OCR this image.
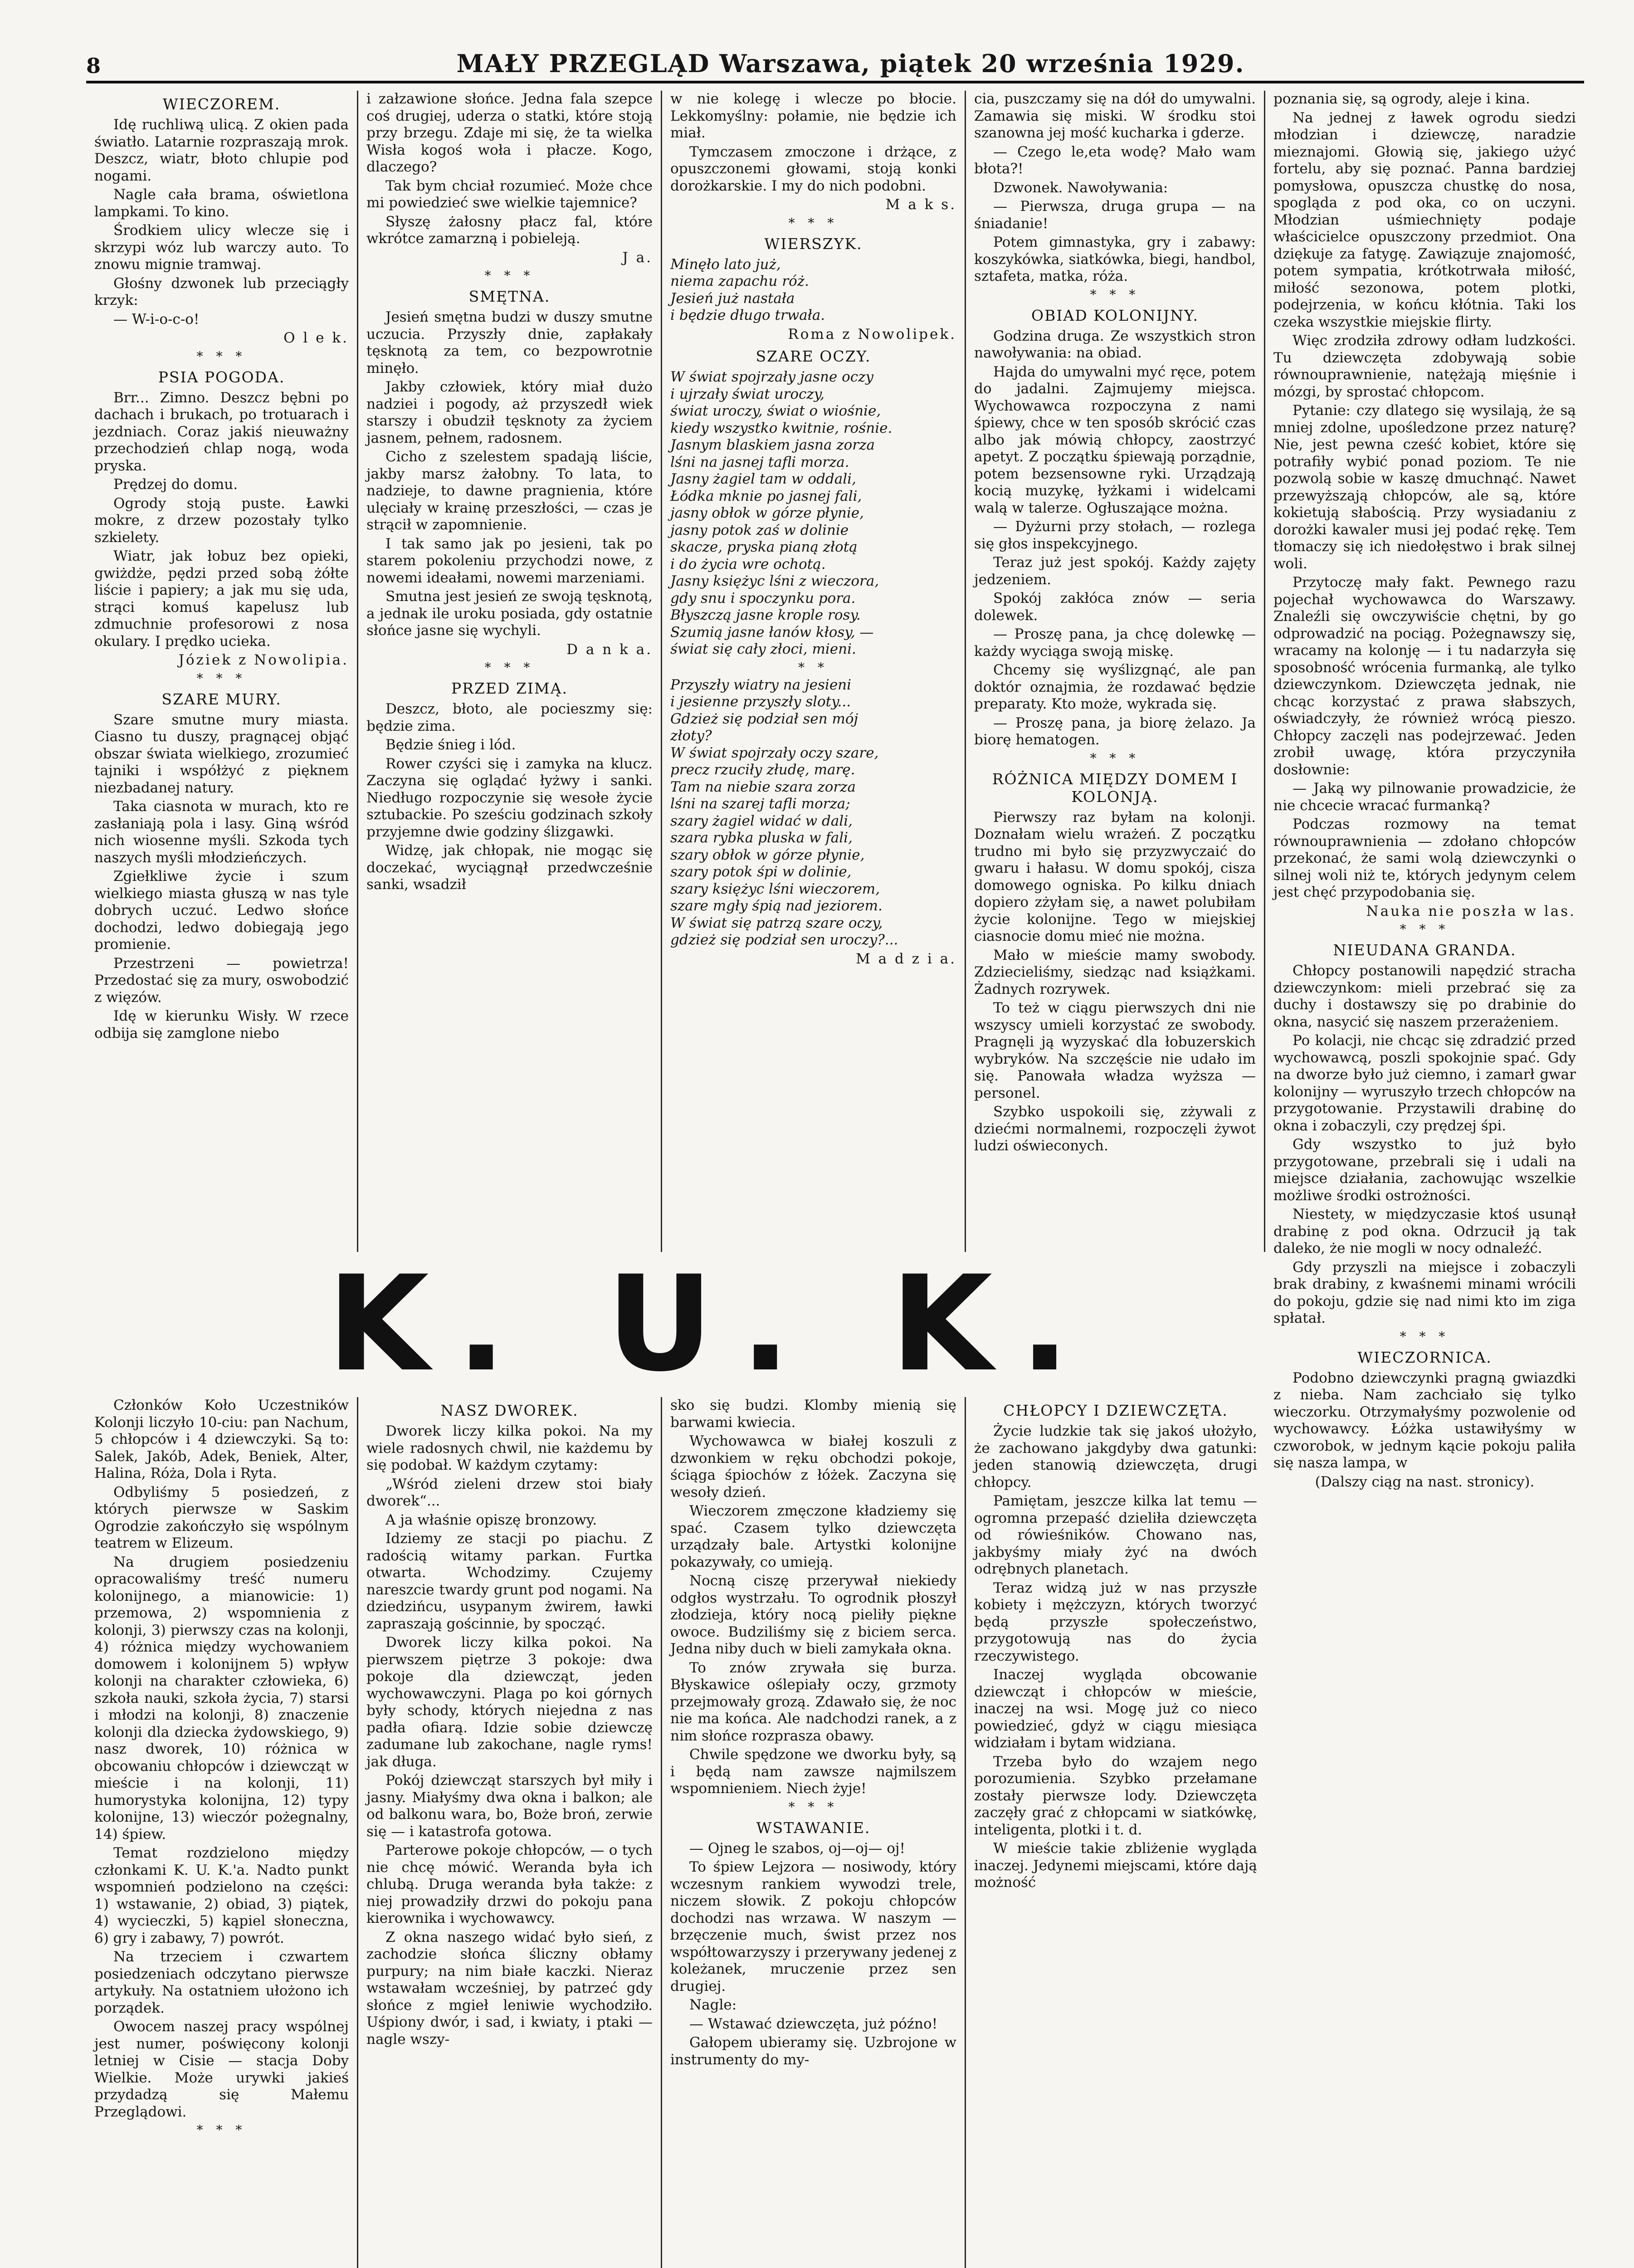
8	MAŁY PRZEGLĄD Warszawa, piątek 20 września 1929.
WIECZOREM.

Idę ruchliwą ulicą. Z okien pada światło. Latarnie rozpraszają mrok. Deszcz, wiatr, błoto chlupie pod nogami.

Nagle cała brama, oświetlona lampkami. To kino.

Środkiem ulicy wlecze się i skrzypi wóz lub warczy auto. To znowu mignie tramwaj.

Głośny dzwonek lub przeciągły krzyk:

— W-i-o-c-o!

O l e k.

* * *
PSIA POGODA.

Brr... Zimno. Deszcz bębni po dachach i brukach, po trotuarach i jezdniach. Coraz jakiś nieuważny przechodzień chlap nogą, woda pryska.

Prędzej do domu.

Ogrody stoją puste. Ławki mokre, z drzew pozostały tylko szkielety.

Wiatr, jak łobuz bez opieki, gwiżdże, pędzi przed sobą żółte liście i papiery; a jak mu się uda, strąci komuś kapelusz lub zdmuchnie profesorowi z nosa okulary. I prędko ucieka.

Józiek z Nowolipia.

* * *
SZARE MURY.

Szare smutne mury miasta. Ciasno tu duszy, pragnącej objąć obszar świata wielkiego, zrozumieć tajniki i współżyć z pięknem niezbadanej natury.

Taka ciasnota w murach, kto re zasłaniają pola i lasy. Giną wśród nich wiosenne myśli. Szkoda tych naszych myśli młodzieńczych.

Zgiełkliwe życie i szum wielkiego miasta głuszą w nas tyle dobrych uczuć. Ledwo słońce dochodzi, ledwo dobiegają jego promienie.

Przestrzeni — powietrza! Przedostać się za mury, oswobodzić z więzów.

Idę w kierunku Wisły. W rzece odbija się zamglone niebo

i załzawione słońce. Jedna fala szepce coś drugiej, uderza o statki, które stoją przy brzegu. Zdaje mi się, że ta wielka Wisła kogoś woła i płacze. Kogo, dlaczego?

Tak bym chciał rozumieć. Może chce mi powiedzieć swe wielkie tajemnice?

Słyszę żałosny płacz fal, które wkrótce zamarzną i pobieleją.

J a.

* * *
SMĘTNA.

Jesień smętna budzi w duszy smutne uczucia. Przyszły dnie, zapłakały tęsknotą za tem, co bezpowrotnie minęło.

Jakby człowiek, który miał dużo nadziei i pogody, aż przyszedł wiek starszy i obudził tęsknoty za życiem jasnem, pełnem, radosnem.

Cicho z szelestem spadają liście, jakby marsz żałobny. To lata, to nadzieje, to dawne pragnienia, które ulęciały w krainę przeszłości, — czas je strącił w zapomnienie.

I tak samo jak po jesieni, tak po starem pokoleniu przychodzi nowe, z nowemi ideałami, nowemi marzeniami.

Smutna jest jesień ze swoją tęsknotą, a jednak ile uroku posiada, gdy ostatnie słońce jasne się wychyli.

D a n k a.

* * *
PRZED ZIMĄ.

Deszcz, błoto, ale pocieszmy się: będzie zima.

Będzie śnieg i lód.

Rower czyści się i zamyka na klucz. Zaczyna się oglądać łyżwy i sanki. Niedługo rozpoczynie się wesołe życie sztubackie. Po sześciu godzinach szkoły przyjemne dwie godziny ślizgawki.

Widzę, jak chłopak, nie mogąc się doczekać, wyciągnął przedwcześnie sanki, wsadził

w nie kolegę i wlecze po błocie. Lekkomyślny: połamie, nie będzie ich miał.

Tymczasem zmoczone i drżące, z opuszczonemi głowami, stoją konki dorożkarskie. I my do nich podobni.

M a k s.

* * *
WIERSZYK.

Minęło lato już,
niema zapachu róż.
Jesień już nastała
i będzie długo trwała.

Roma z Nowolipek.

SZARE OCZY.

W świat spojrzały jasne oczy
i ujrzały świat uroczy,
świat uroczy, świat o wiośnie,
kiedy wszystko kwitnie, rośnie.
Jasnym blaskiem jasna zorza
lśni na jasnej tafli morza.
Jasny żagiel tam w oddali,
Łódka mknie po jasnej fali,
jasny obłok w górze płynie,
jasny potok zaś w dolinie
skacze, pryska pianą złotą
i do życia wre ochotą.
Jasny księżyc lśni z wieczora,
gdy snu i spoczynku pora.
Błyszczą jasne krople rosy.
Szumią jasne łanów kłosy, —
świat się cały złoci, mieni.

* *

Przyszły wiatry na jesieni
i jesienne przyszły sloty...
Gdzież się podział sen mój
złoty?
W świat spojrzały oczy szare,
precz rzuciły złudę, marę.
Tam na niebie szara zorza
lśni na szarej tafli morza;
szary żagiel widać w dali,
szara rybka pluska w fali,
szary obłok w górze płynie,
szary potok śpi w dolinie,
szary księżyc lśni wieczorem,
szare mgły śpią nad jeziorem.
W świat się patrzą szare oczy,
gdzież się podział sen uroczy?...

M a d z i a.

cia, puszczamy się na dół do umywalni. Zamawia się miski. W środku stoi szanowna jej mość kucharka i gderze.

— Czego le,eta wodę? Mało wam błota?!

Dzwonek. Nawoływania:

— Pierwsza, druga grupa — na śniadanie!

Potem gimnastyka, gry i zabawy: koszykówka, siatkówka, biegi, handbol, sztafeta, matka, róża.

* * *
OBIAD KOLONIJNY.

Godzina druga. Ze wszystkich stron nawoływania: na obiad.

Hajda do umywalni myć ręce, potem do jadalni. Zajmujemy miejsca. Wychowawca rozpoczyna z nami śpiewy, chce w ten sposób skrócić czas albo jak mówią chłopcy, zaostrzyć apetyt. Z początku śpiewają porządnie, potem bezsensowne ryki. Urządzają kocią muzykę, łyżkami i widelcami walą w talerze. Ogłuszające można.

— Dyżurni przy stołach, — rozlega się głos inspekcyjnego.

Teraz już jest spokój. Każdy zajęty jedzeniem.

Spokój zakłóca znów — seria dolewek.

— Proszę pana, ja chcę dolewkę — każdy wyciąga swoją miskę.

Chcemy się wyślizgnąć, ale pan doktór oznajmia, że rozdawać będzie preparaty. Kto może, wykrada się.

— Proszę pana, ja biorę żelazo. Ja biorę hematogen.

* * *
RÓŻNICA MIĘDZY DOMEM I KOLONJĄ.

Pierwszy raz byłam na kolonji. Doznałam wielu wrażeń. Z początku trudno mi było się przyzwyczaić do gwaru i hałasu. W domu spokój, cisza domowego ogniska. Po kilku dniach dopiero zżyłam się, a nawet polubiłam życie kolonijne. Tego w miejskiej ciasnocie domu mieć nie można.

Mało w mieście mamy swobody. Zdziecieliśmy, siedząc nad książkami. Żadnych rozrywek.

To też w ciągu pierwszych dni nie wszyscy umieli korzystać ze swobody. Pragnęli ją wyzyskać dla łobuzerskich wybryków. Na szczęście nie udało im się. Panowała władza wyższa — personel.

Szybko uspokoili się, zżywali z dziećmi normalnemi, rozpoczęli żywot ludzi oświeconych.

poznania się, są ogrody, aleje i kina.

Na jednej z ławek ogrodu siedzi młodzian i dziewczę, naradzie mieznajomi. Głowią się, jakiego użyć fortelu, aby się poznać. Panna bardziej pomysłowa, opuszcza chustkę do nosa, spogląda z pod oka, co on uczyni. Młodzian uśmiechnięty podaje właścicielce opuszczony przedmiot. Ona dziękuje za fatygę. Zawiązuje znajomość, potem sympatia, krótkotrwała miłość, miłość sezonowa, potem plotki, podejrzenia, w końcu kłótnia. Taki los czeka wszystkie miejskie flirty.

Więc zrodziła zdrowy odłam ludzkości. Tu dziewczęta zdobywają sobie równouprawnienie, natężają mięśnie i mózgi, by sprostać chłopcom.

Pytanie: czy dlatego się wysilają, że są mniej zdolne, upośledzone przez naturę? Nie, jest pewna cześć kobiet, które się potrafiły wybić ponad poziom. Te nie pozwolą sobie w kaszę dmuchnąć. Nawet przewyższają chłopców, ale są, które kokietują słabością. Przy wysiadaniu z dorożki kawaler musi jej podać rękę. Tem tłomaczy się ich niedołęstwo i brak silnej woli.

Przytoczę mały fakt. Pewnego razu pojechał wychowawca do Warszawy. Znaleźli się owczywiście chętni, by go odprowadzić na pociąg. Pożegnawszy się, wracamy na kolonję — i tu nadarzyła się sposobność wrócenia furmanką, ale tylko dziewczynkom. Dziewczęta jednak, nie chcąc korzystać z prawa słabszych, oświadczyły, że również wrócą pieszo. Chłopcy zaczęli nas podejrzewać. Jeden zrobił uwagę, która przyczyniła dosłownie:

— Jaką wy pilnowanie prowadzicie, że nie chcecie wracać furmanką?

Podczas rozmowy na temat równouprawnienia — zdołano chłopców przekonać, że sami wolą dziewczynki o silnej woli niż te, których jedynym celem jest chęć przypodobania się.

Nauka nie poszła w las.

* * *
NIEUDANA GRANDA.

Chłopcy postanowili napędzić stracha dziewczynkom: mieli przebrać się za duchy i dostawszy się po drabinie do okna, nasycić się naszem przerażeniem.

Po kolacji, nie chcąc się zdradzić przed wychowawcą, poszli spokojnie spać. Gdy na dworze było już ciemno, i zamarł gwar kolonijny — wyruszyło trzech chłopców na przygotowanie. Przystawili drabinę do okna i zobaczyli, czy prędzej śpi.

Gdy wszystko to już było przygotowane, przebrali się i udali na miejsce działania, zachowując wszelkie możliwe środki ostrożności.

Niestety, w międzyczasie ktoś usunął drabinę z pod okna. Odrzucił ją tak daleko, że nie mogli w nocy odnaleźć.

Gdy przyszli na miejsce i zobaczyli brak drabiny, z kwaśnemi minami wrócili do pokoju, gdzie się nad nimi kto im ziga spłatał.

* * *
WIECZORNICA.

Podobno dziewczynki pragną gwiazdki z nieba. Nam zachciało się tylko wieczorku. Otrzymałyśmy pozwolenie od wychowawcy. Łóżka ustawiłyśmy w czworobok, w jednym kącie pokoju paliła się nasza lampa, w

(Dalszy ciąg na nast. stronicy).

K. U. K.

Członków Koło Uczestników Kolonji liczyło 10-ciu: pan Nachum, 5 chłopców i 4 dziewczyki. Są to: Salek, Jakób, Adek, Beniek, Alter, Halina, Róża, Dola i Ryta.

Odbyliśmy 5 posiedzeń, z których pierwsze w Saskim Ogrodzie zakończyło się wspólnym teatrem w Elizeum.

Na drugiem posiedzeniu opracowaliśmy treść numeru kolonijnego, a mianowicie: 1) przemowa, 2) wspomnienia z kolonji, 3) pierwszy czas na kolonji, 4) różnica między wychowaniem domowem i kolonijnem 5) wpływ kolonji na charakter człowieka, 6) szkoła nauki, szkoła życia, 7) starsi i młodzi na kolonji, 8) znaczenie kolonji dla dziecka żydowskiego, 9) nasz dworek, 10) różnica w obcowaniu chłopców i dziewcząt w mieście i na kolonji, 11) humorystyka kolonijna, 12) typy kolonijne, 13) wieczór pożegnalny, 14) śpiew.

Temat rozdzielono między członkami K. U. K.'a. Nadto punkt wspomnień podzielono na części: 1) wstawanie, 2) obiad, 3) piątek, 4) wycieczki, 5) kąpiel słoneczna, 6) gry i zabawy, 7) powrót.

Na trzeciem i czwartem posiedzeniach odczytano pierwsze artykuły. Na ostatniem ułożono ich porządek.

Owocem naszej pracy wspólnej jest numer, poświęcony kolonji letniej w Cisie — stacja Doby Wielkie. Może urywki jakieś przydadzą się Małemu Przeglądowi.

* * *
NASZ DWOREK.

Dworek liczy kilka pokoi. Na my wiele radosnych chwil, nie każdemu by się podobał. W każdym czytamy:

„Wśród zieleni drzew stoi biały dworek“...

A ja właśnie opiszę bronzowy.

Idziemy ze stacji po piachu. Z radością witamy parkan. Furtka otwarta. Wchodzimy. Czujemy nareszcie twardy grunt pod nogami. Na dziedzińcu, usypanym żwirem, ławki zapraszają gościnnie, by spocząć.

Dworek liczy kilka pokoi. Na pierwszem piętrze 3 pokoje: dwa pokoje dla dziewcząt, jeden wychowawczyni. Plaga po koi górnych były schody, których niejedna z nas padła ofiarą. Idzie sobie dziewczę zadumane lub zakochane, nagle ryms! jak długa.

Pokój dziewcząt starszych był miły i jasny. Miałyśmy dwa okna i balkon; ale od balkonu wara, bo, Boże broń, zerwie się — i katastrofa gotowa.

Parterowe pokoje chłopców, — o tych nie chcę mówić. Weranda była ich chlubą. Druga weranda była także: z niej prowadziły drzwi do pokoju pana kierownika i wychowawcy.

Z okna naszego widać było sień, z zachodzie słońca śliczny obłamy purpury; na nim białe kaczki. Nieraz wstawałam wcześniej, by patrzeć gdy słońce z mgieł leniwie wychodziło. Uśpiony dwór, i sad, i kwiaty, i ptaki — nagle wszy-

sko się budzi. Klomby mienią się barwami kwiecia.

Wychowawca w białej koszuli z dzwonkiem w ręku obchodzi pokoje, ściąga śpiochów z łóżek. Zaczyna się wesoły dzień.

Wieczorem zmęczone kładziemy się spać. Czasem tylko dziewczęta urządzały bale. Artystki kolonijne pokazywały, co umieją.

Nocną ciszę przerywał niekiedy odgłos wystrzału. To ogrodnik płoszył złodzieja, który nocą pieliły piękne owoce. Budziliśmy się z biciem serca. Jedna niby duch w bieli zamykała okna.

To znów zrywała się burza. Błyskawice oślepiały oczy, grzmoty przejmowały grozą. Zdawało się, że noc nie ma końca. Ale nadchodzi ranek, a z nim słońce rozprasza obawy.

Chwile spędzone we dworku były, są i będą nam zawsze najmilszem wspomnieniem. Niech żyje!

* * *
WSTAWANIE.

— Ojneg le szabos, oj—oj— oj!

To śpiew Lejzora — nosiwody, który wczesnym rankiem wywodzi trele, niczem słowik. Z pokoju chłopców dochodzi nas wrzawa. W naszym — brzęczenie much, świst przez nos współtowarzyszy i przerywany jedenej z koleżanek, mruczenie przez sen drugiej.

Nagle:

— Wstawać dziewczęta, już późno!

Gałopem ubieramy się. Uzbrojone w instrumenty do my-

CHŁOPCY I DZIEWCZĘTA.

Życie ludzkie tak się jakoś ułożyło, że zachowano jakgdyby dwa gatunki: jeden stanowią dziewczęta, drugi chłopcy.

Pamiętam, jeszcze kilka lat temu — ogromna przepaść dzieliła dziewczęta od rówieśników. Chowano nas, jakbyśmy miały żyć na dwóch odrębnych planetach.

Teraz widzą już w nas przyszłe kobiety i mężczyzn, których tworzyć będą przyszłe społeczeństwo, przygotowują nas do życia rzeczywistego.

Inaczej wygląda obcowanie dziewcząt i chłopców w mieście, inaczej na wsi. Mogę już co nieco powiedzieć, gdyż w ciągu miesiąca widziałam i bytam widziana.

Trzeba było do wzajem nego porozumienia. Szybko przełamane zostały pierwsze lody. Dziewczęta zaczęły grać z chłopcami w siatkówkę, inteligenta, plotki i t. d.

W mieście takie zbliżenie wygląda inaczej. Jedynemi miejscami, które dają możność
